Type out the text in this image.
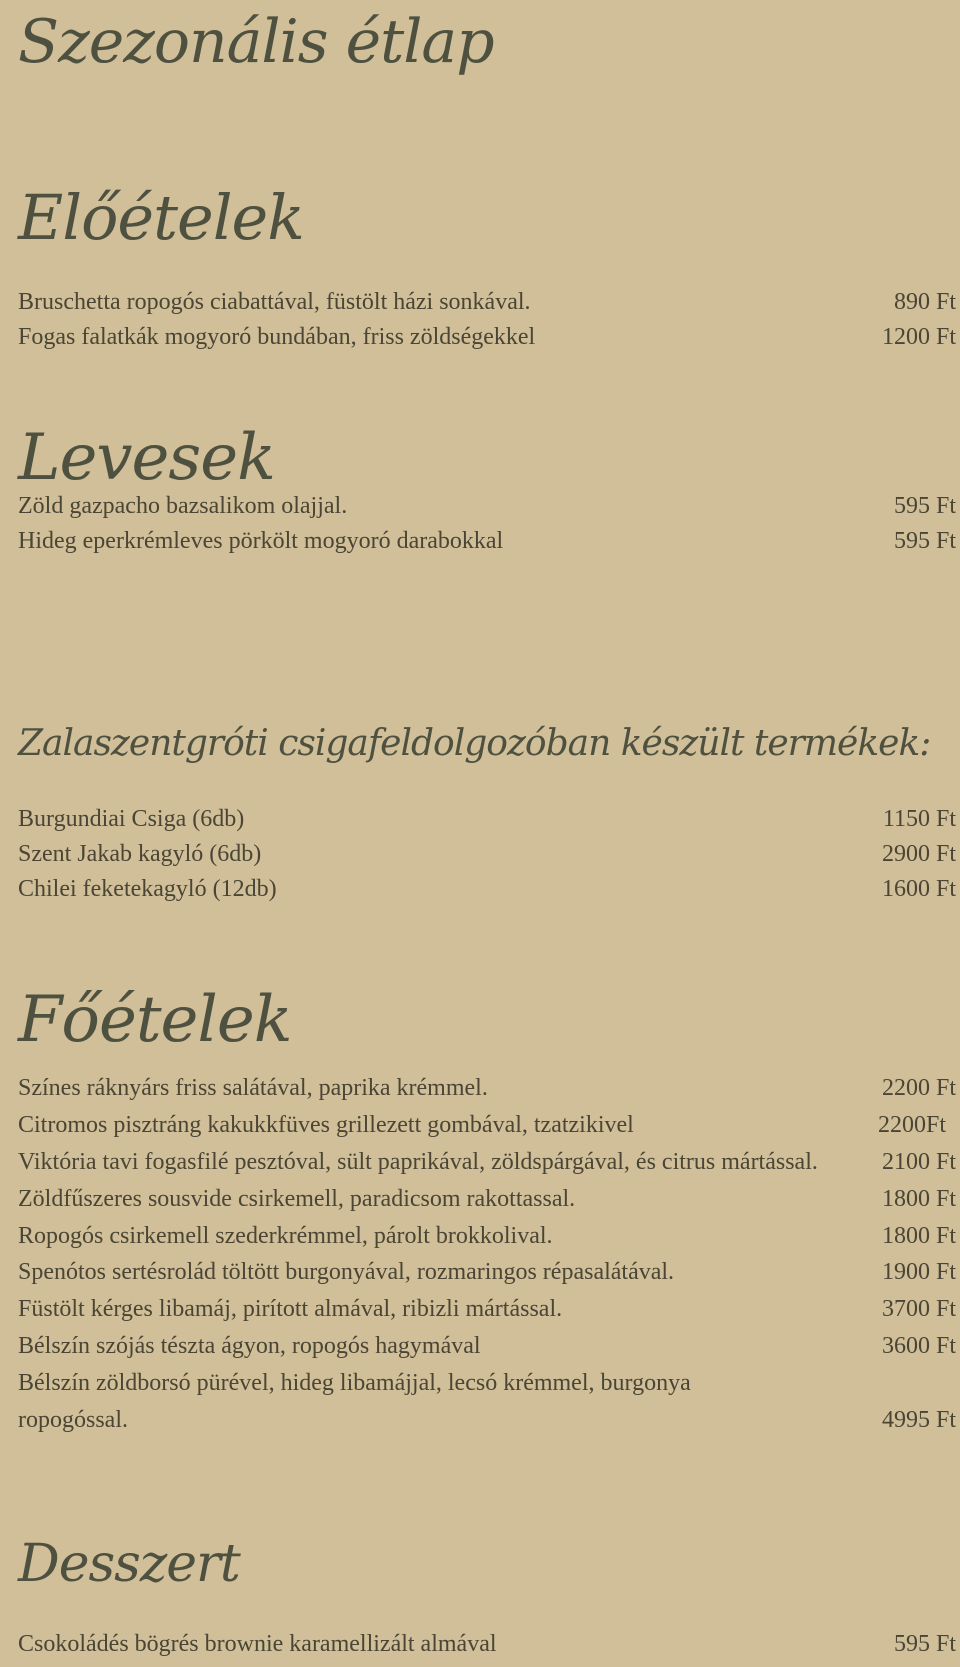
Szezonális étlap
Előételek
Bruschetta ropogós ciabattával, füstölt házi sonkával.	890 Ft
Fogas falatkák mogyoró bundában, friss zöldségekkel	1200 Ft
Levesek
Zöld gazpacho bazsalikom olajjal.	595 Ft
Hideg eperkrémleves pörkölt mogyoró darabokkal	595 Ft
Zalaszentgróti csigafeldolgozóban készült termékek:
Burgundiai Csiga (6db)	1150 Ft
Szent Jakab kagyló (6db)	2900 Ft
Chilei feketekagyló (12db)	1600 Ft
Főételek
Színes ráknyárs friss salátával, paprika krémmel.	2200 Ft
Citromos pisztráng kakukkfüves grillezett gombával, tzatzikivel	2200Ft
Viktória tavi fogasfilé pesztóval, sült paprikával, zöldspárgával, és citrus mártással.	2100 Ft
Zöldfűszeres sousvide csirkemell, paradicsom rakottassal.	1800 Ft
Ropogós csirkemell szederkrémmel, párolt brokkolival.	1800 Ft
Spenótos sertésrolád töltött burgonyával, rozmaringos répasalátával.	1900 Ft
Füstölt kérges libamáj, pirított almával, ribizli mártással.	3700 Ft
Bélszín szójás tészta ágyon, ropogós hagymával	3600 Ft
Bélszín zöldborsó pürével, hideg libamájjal, lecsó krémmel, burgonya
ropogóssal.	4995 Ft
Desszert
Csokoládés bögrés brownie karamellizált almával	595 Ft
